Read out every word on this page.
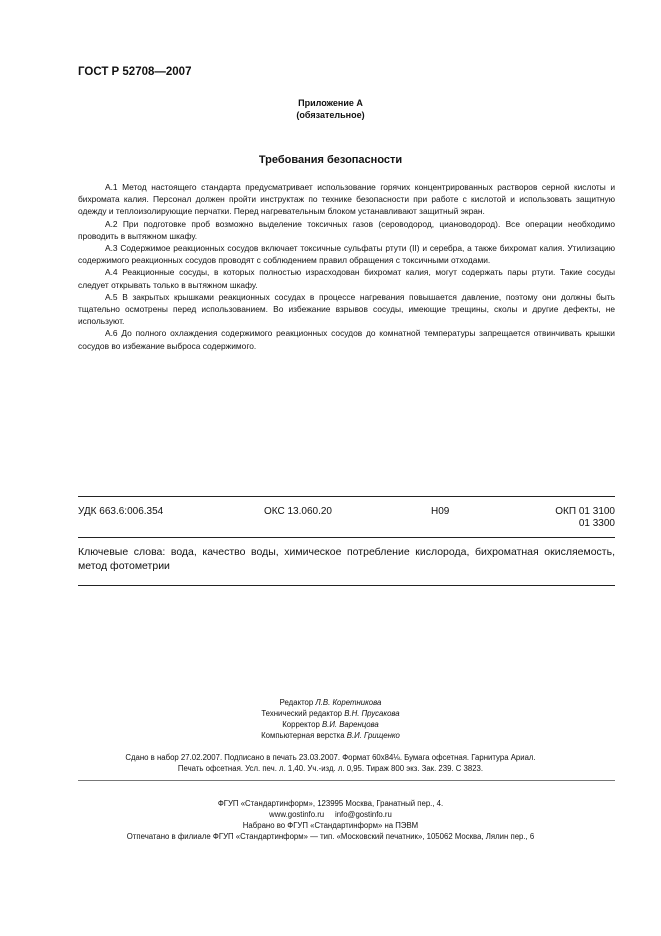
ГОСТ Р 52708—2007
Приложение А
(обязательное)
Требования безопасности

А.1 Метод настоящего стандарта предусматривает использование горячих концентрированных растворов серной кислоты и бихромата калия. Персонал должен пройти инструктаж по технике безопасности при работе с кислотой и использовать защитную одежду и теплоизолирующие перчатки. Перед нагревательным блоком устанавливают защитный экран.

А.2 При подготовке проб возможно выделение токсичных газов (сероводород, циановодород). Все операции необходимо проводить в вытяжном шкафу.

А.3 Содержимое реакционных сосудов включает токсичные сульфаты ртути (II) и серебра, а также бихромат калия. Утилизацию содержимого реакционных сосудов проводят с соблюдением правил обращения с токсичными отходами.

А.4 Реакционные сосуды, в которых полностью израсходован бихромат калия, могут содержать пары ртути. Такие сосуды следует открывать только в вытяжном шкафу.

А.5 В закрытых крышками реакционных сосудах в процессе нагревания повышается давление, поэтому они должны быть тщательно осмотрены перед использованием. Во избежание взрывов сосуды, имеющие трещины, сколы и другие дефекты, не используют.

А.6 До полного охлаждения содержимого реакционных сосудов до комнатной температуры запрещается отвинчивать крышки сосудов во избежание выброса содержимого.

УДК 663.6:006.354	ОКС 13.060.20	Н09	ОКП 01 3100
01 3300
Ключевые слова: вода, качество воды, химическое потребление кислорода, бихроматная окисляемость, метод фотометрии
Редактор Л.В. Коретникова
Технический редактор В.Н. Прусакова
Корректор В.И. Варенцова
Компьютерная верстка В.И. Грищенко
Сдано в набор 27.02.2007. Подписано в печать 23.03.2007. Формат 60x84⅛. Бумага офсетная. Гарнитура Ариал.
Печать офсетная. Усл. печ. л. 1,40. Уч.-изд. л. 0,95. Тираж 800 экз. Зак. 239. С 3823.
ФГУП «Стандартинформ», 123995 Москва, Гранатный пер., 4.
www.gostinfo.ru     info@gostinfo.ru
Набрано во ФГУП «Стандартинформ» на ПЭВМ
Отпечатано в филиале ФГУП «Стандартинформ» — тип. «Московский печатник», 105062 Москва, Лялин пер., 6
